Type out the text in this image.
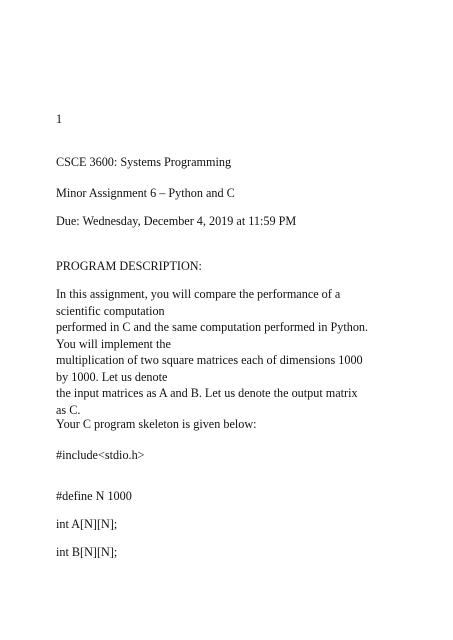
1

CSCE 3600: Systems Programming

Minor Assignment 6 – Python and C

Due: Wednesday, December 4, 2019 at 11:59 PM

PROGRAM DESCRIPTION:

In this assignment, you will compare the performance of a
scientific computation
performed in C and the same computation performed in Python.
You will implement the
multiplication of two square matrices each of dimensions 1000
by 1000. Let us denote
the input matrices as A and B. Let us denote the output matrix
as C.

Your C program skeleton is given below:

#include<stdio.h>

#define N 1000

int A[N][N];

int B[N][N];
